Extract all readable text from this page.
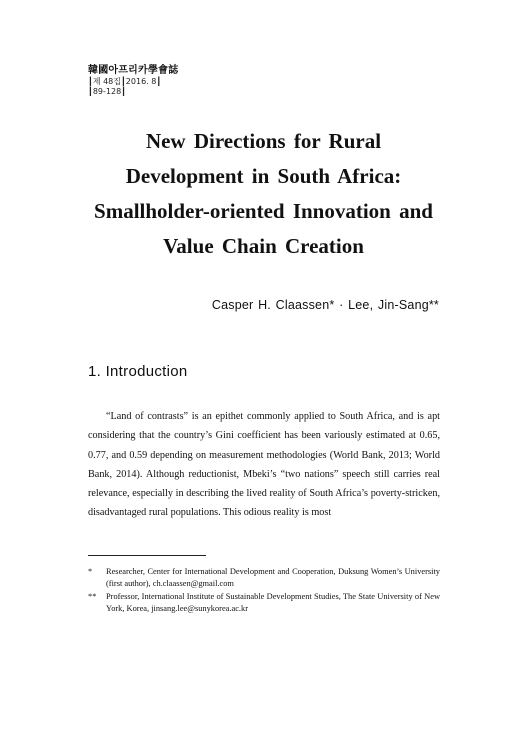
韓國아프리카學會誌
┃제 48집┃2016. 8┃
┃89-128┃
New Directions for Rural
Development in South Africa:
Smallholder-oriented Innovation and
Value Chain Creation
Casper H. Claassen* · Lee, Jin-Sang**
1. Introduction

“Land of contrasts” is an epithet commonly applied to South Africa, and is apt considering that the country’s Gini coefficient has been variously estimated at 0.65, 0.77, and 0.59 depending on measurement methodologies (World Bank, 2013; World Bank, 2014). Although reductionist, Mbeki’s “two nations” speech still carries real relevance, especially in describing the lived reality of South Africa’s poverty-stricken, disadvantaged rural populations. This odious reality is most

*	Researcher, Center for International Development and Cooperation, Duksung Women’s University (first author), ch.claassen@gmail.com
**	Professor, International Institute of Sustainable Development Studies, The State University of New York, Korea, jinsang.lee@sunykorea.ac.kr
